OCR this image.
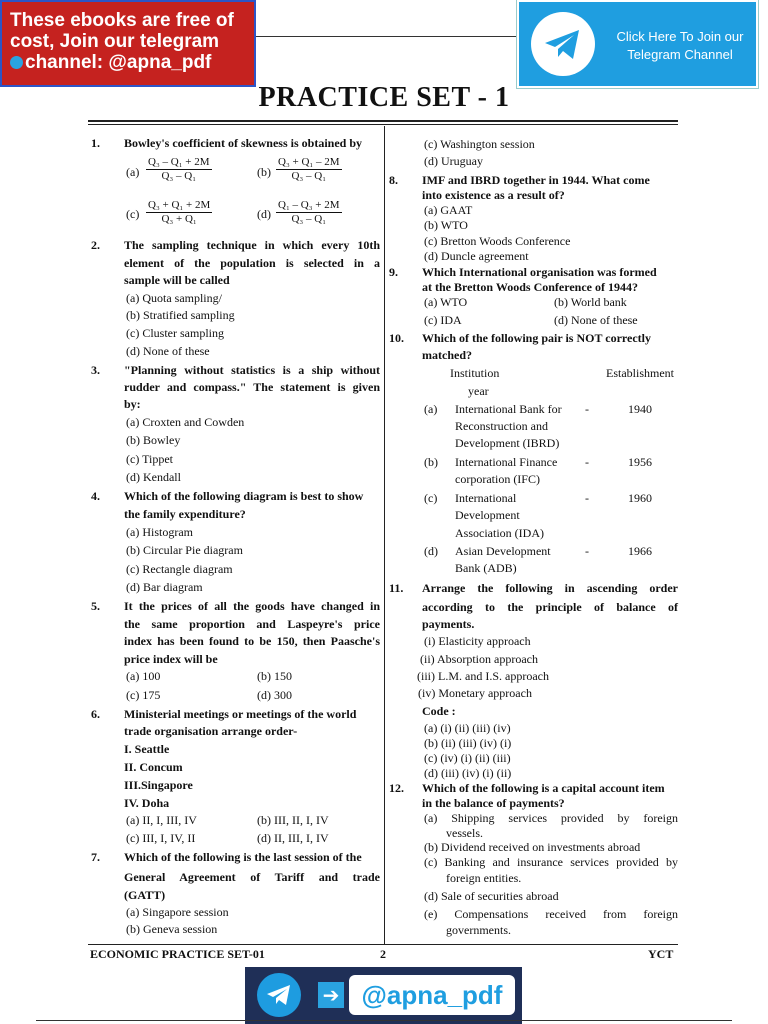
These ebooks are free of
cost, Join our telegram
channel: @apna_pdf
Click Here To Join our
Telegram Channel
PRACTICE SET - 1
1. Bowley's coefficient of skewness is obtained by
$(a) \frac{\text{Q₃ – Q₁ + 2M}}{\text{Q₃ – Q₁}}$	$(b) \frac{\text{Q₃ + Q₁ – 2M}}{\text{Q₃ – Q₁}}$
$(c) \frac{\text{Q₃ + Q₁ + 2M}}{\text{Q₃ + Q₁}}$	$(d) \frac{\text{Q₁ – Q₃ + 2M}}{\text{Q₃ – Q₁}}$
2. The sampling technique in which every 10th
element of the population is selected in a
sample will be called
(a) Quota sampling/
(b) Stratified sampling
(c) Cluster sampling
(d) None of these
3. "Planning without statistics is a ship without
rudder and compass." The statement is given
by:
(a) Croxten and Cowden
(b) Bowley
(c) Tippet
(d) Kendall
4. Which of the following diagram is best to show
the family expenditure?
(a) Histogram
(b) Circular Pie diagram
(c) Rectangle diagram
(d) Bar diagram
5. It the prices of all the goods have changed in
the same proportion and Laspeyre's price
index has been found to be 150, then Paasche's
price index will be
(a) 100	(b) 150
(c) 175	(d) 300
6. Ministerial meetings or meetings of the world
trade organisation arrange order-
I. Seattle
II. Concum
III.Singapore
IV. Doha
(a) II, I, III, IV	(b) III, II, I, IV
(c) III, I, IV, II	(d) II, III, I, IV
7. Which of the following is the last session of the
General Agreement of Tariff and trade
(GATT)
(a) Singapore session
(b) Geneva session
(c) Washington session
(d) Uruguay
8. IMF and IBRD together in 1944. What come
into existence as a result of?
(a) GAAT
(b) WTO
(c) Bretton Woods Conference
(d) Duncle agreement
9. Which International organisation was formed
at the Bretton Woods Conference of 1944?
(a) WTO	(b) World bank
(c) IDA	(d) None of these
10. Which of the following pair is NOT correctly
matched?
Institution	Establishment
year
(a) International Bank for
Reconstruction and
Development (IBRD)
-	1940
(b) International Finance
corporation (IFC)
-	1956
(c) International
Development
Association (IDA)
-	1960
(d) Asian Development
Bank (ADB)
-	1966
11. Arrange the following in ascending order
according to the principle of balance of
payments.
(i) Elasticity approach
(ii) Absorption approach
(iii) L.M. and I.S. approach
(iv) Monetary approach
Code :
(a) (i) (ii) (iii) (iv)
(b) (ii) (iii) (iv) (i)
(c) (iv) (i) (ii) (iii)
(d) (iii) (iv) (i) (ii)
12. Which of the following is a capital account item
in the balance of payments?
(a) Shipping services provided by foreign
vessels.
(b) Dividend received on investments abroad
(c) Banking and insurance services provided by
foreign entities.
(d) Sale of securities abroad
(e) Compensations received from foreign
governments.
ECONOMIC PRACTICE SET-01	2	YCT
➔ @apna_pdf
